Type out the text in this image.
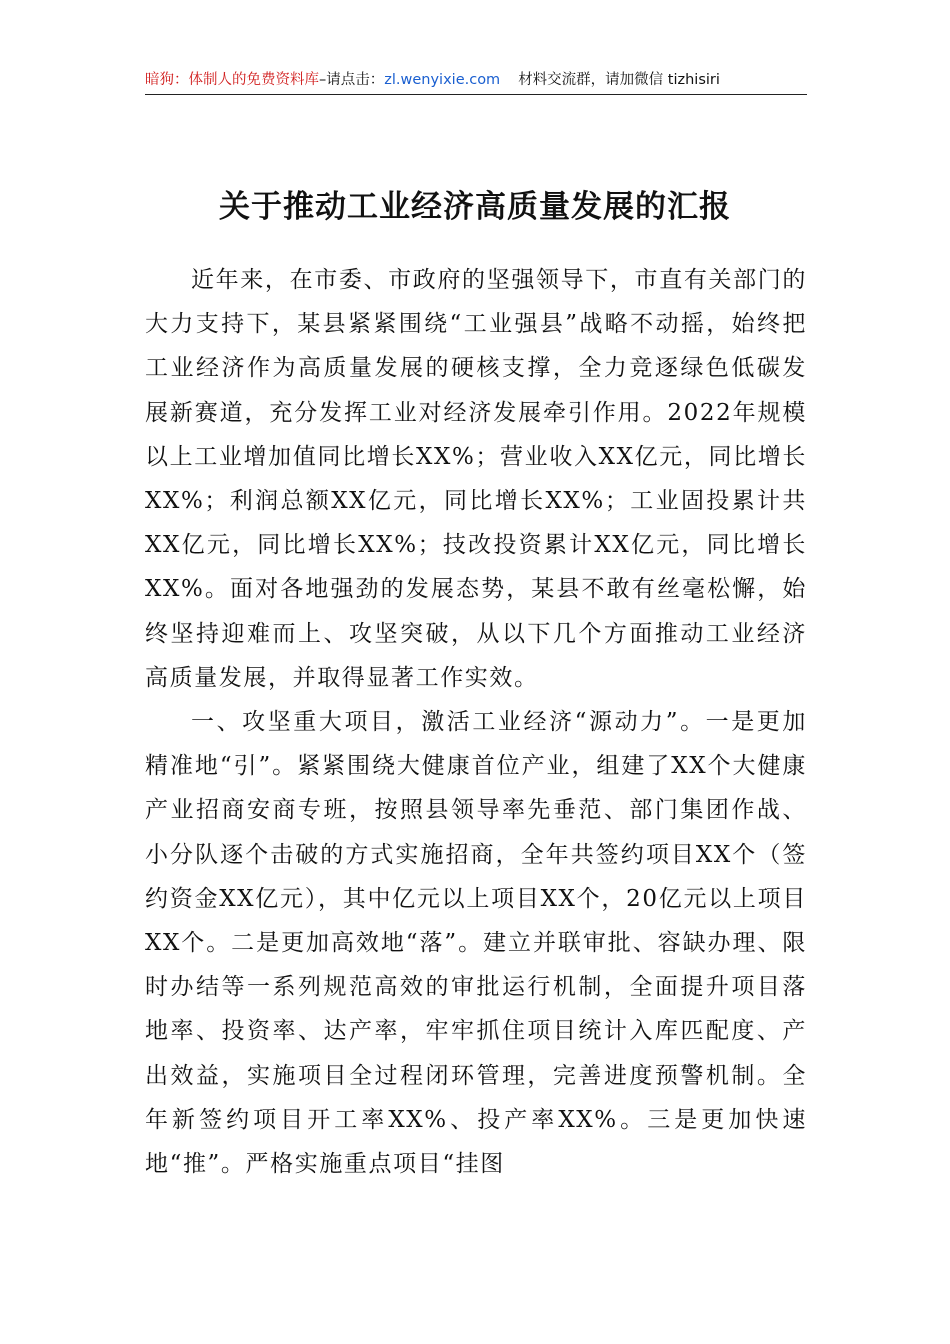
暗狗：体制人的免费资料库–请点击：zl.wenyixie.com 材料交流群，请加微信 tizhisiri
关于推动工业经济高质量发展的汇报

近年来，在市委、市政府的坚强领导下，市直有关部门的大力支持下，某县紧紧围绕“工业强县”战略不动摇，始终把工业经济作为高质量发展的硬核支撑，全力竞逐绿色低碳发展新赛道，充分发挥工业对经济发展牵引作用。2022年规模以上工业增加值同比增长XX%；营业收入XX亿元，同比增长XX%；利润总额XX亿元，同比增长XX%；工业固投累计共XX亿元，同比增长XX%；技改投资累计XX亿元，同比增长XX%。面对各地强劲的发展态势，某县不敢有丝毫松懈，始终坚持迎难而上、攻坚突破，从以下几个方面推动工业经济高质量发展，并取得显著工作实效。

一、攻坚重大项目，激活工业经济“源动力”。一是更加精准地“引”。紧紧围绕大健康首位产业，组建了XX个大健康产业招商安商专班，按照县领导率先垂范、部门集团作战、小分队逐个击破的方式实施招商，全年共签约项目XX个（签约资金XX亿元），其中亿元以上项目XX个，20亿元以上项目XX个。二是更加高效地“落”。建立并联审批、容缺办理、限时办结等一系列规范高效的审批运行机制，全面提升项目落地率、投资率、达产率，牢牢抓住项目统计入库匹配度、产出效益，实施项目全过程闭环管理，完善进度预警机制。全年新签约项目开工率XX%、投产率XX%。三是更加快速地“推”。严格实施重点项目“挂图
